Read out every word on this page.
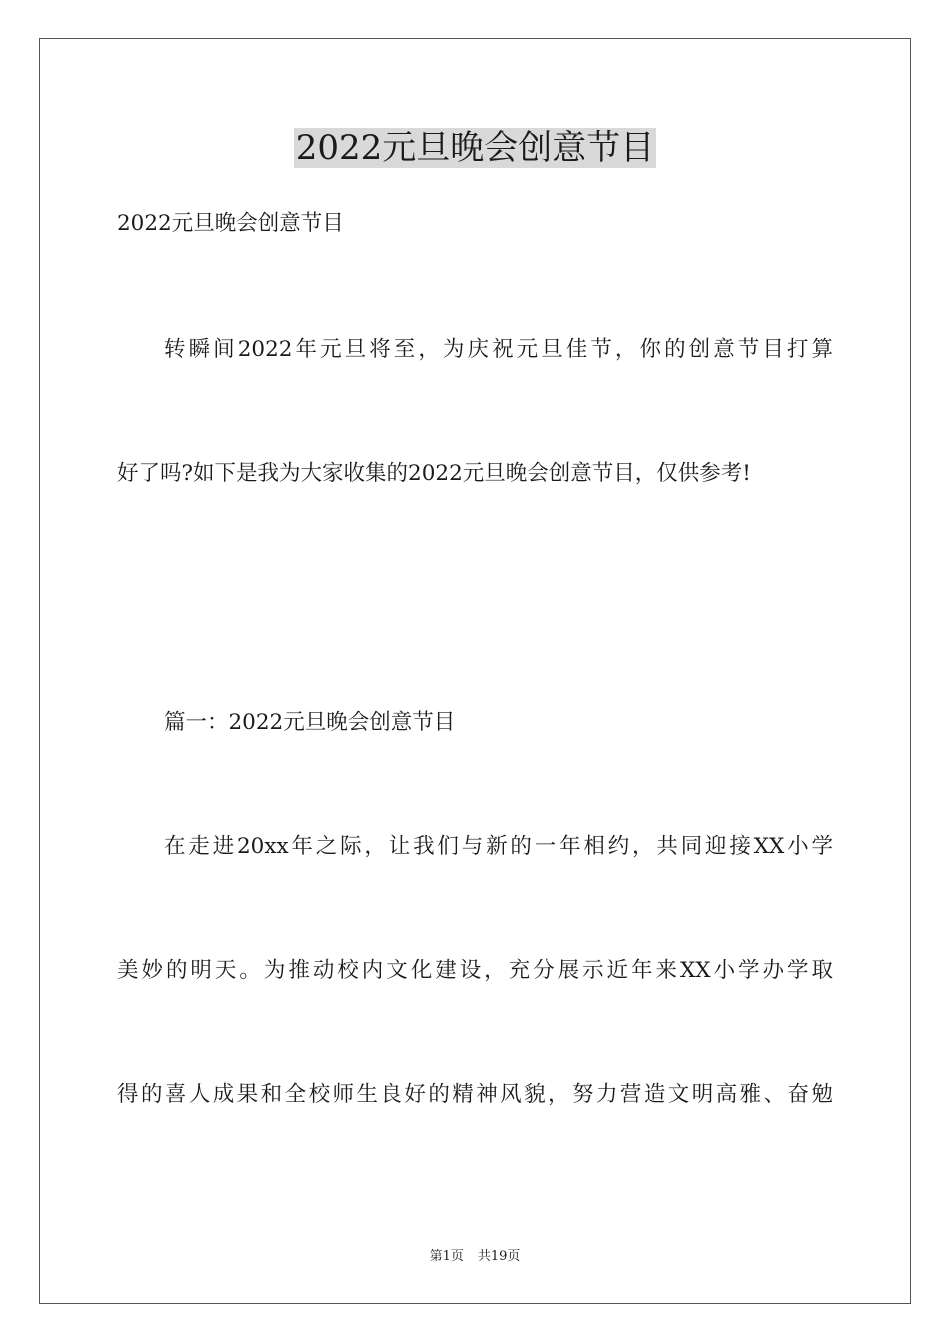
2022元旦晚会创意节目

2022元旦晚会创意节目

转瞬间2022年元旦将至，为庆祝元旦佳节，你的创意节目打算

好了吗?如下是我为大家收集的2022元旦晚会创意节目，仅供参考!

篇一：2022元旦晚会创意节目

在走进20xx年之际，让我们与新的一年相约，共同迎接XX小学

美妙的明天。为推动校内文化建设，充分展示近年来XX小学办学取

得的喜人成果和全校师生良好的精神风貌，努力营造文明高雅、奋勉

第1页 共19页
